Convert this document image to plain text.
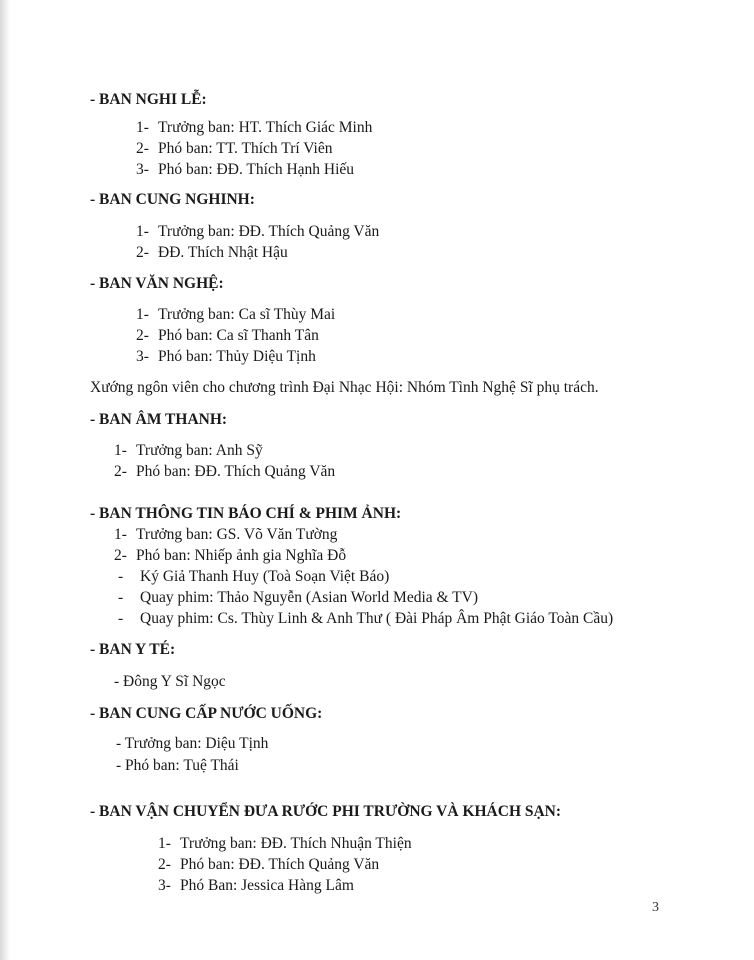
- BAN NGHI LỄ:
1- Trưởng ban: HT. Thích Giác Minh
2- Phó ban: TT. Thích Trí Viên
3- Phó ban: ĐĐ. Thích Hạnh Hiếu
- BAN CUNG NGHINH:
1- Trưởng ban: ĐĐ. Thích Quảng Văn
2- ĐĐ. Thích Nhật Hậu
- BAN VĂN NGHỆ:
1- Trưởng ban: Ca sĩ Thùy Mai
2- Phó ban: Ca sĩ Thanh Tân
3- Phó ban: Thủy Diệu Tịnh
Xướng ngôn viên cho chương trình Đại Nhạc Hội: Nhóm Tình Nghệ Sĩ phụ trách.
- BAN ÂM THANH:
1- Trưởng ban: Anh Sỹ
2- Phó ban: ĐĐ. Thích Quảng Văn
- BAN THÔNG TIN BÁO CHÍ & PHIM ẢNH:
1- Trưởng ban: GS. Võ Văn Tường
2- Phó ban: Nhiếp ảnh gia Nghĩa Đỗ
- Ký Giả Thanh Huy (Toà Soạn Việt Báo)
- Quay phim: Thảo Nguyễn (Asian World Media & TV)
- Quay phim: Cs. Thùy Linh & Anh Thư ( Đài Pháp Âm Phật Giáo Toàn Cầu)
- BAN Y TÉ:
- Đông Y Sĩ Ngọc
- BAN CUNG CẤP NƯỚC UỐNG:
- Trưởng ban: Diệu Tịnh
- Phó ban: Tuệ Thái
- BAN VẬN CHUYỂN ĐƯA RƯỚC PHI TRƯỜNG VÀ KHÁCH SẠN:
1- Trưởng ban: ĐĐ. Thích Nhuận Thiện
2- Phó ban: ĐĐ. Thích Quảng Văn
3- Phó Ban: Jessica Hàng Lâm
3
